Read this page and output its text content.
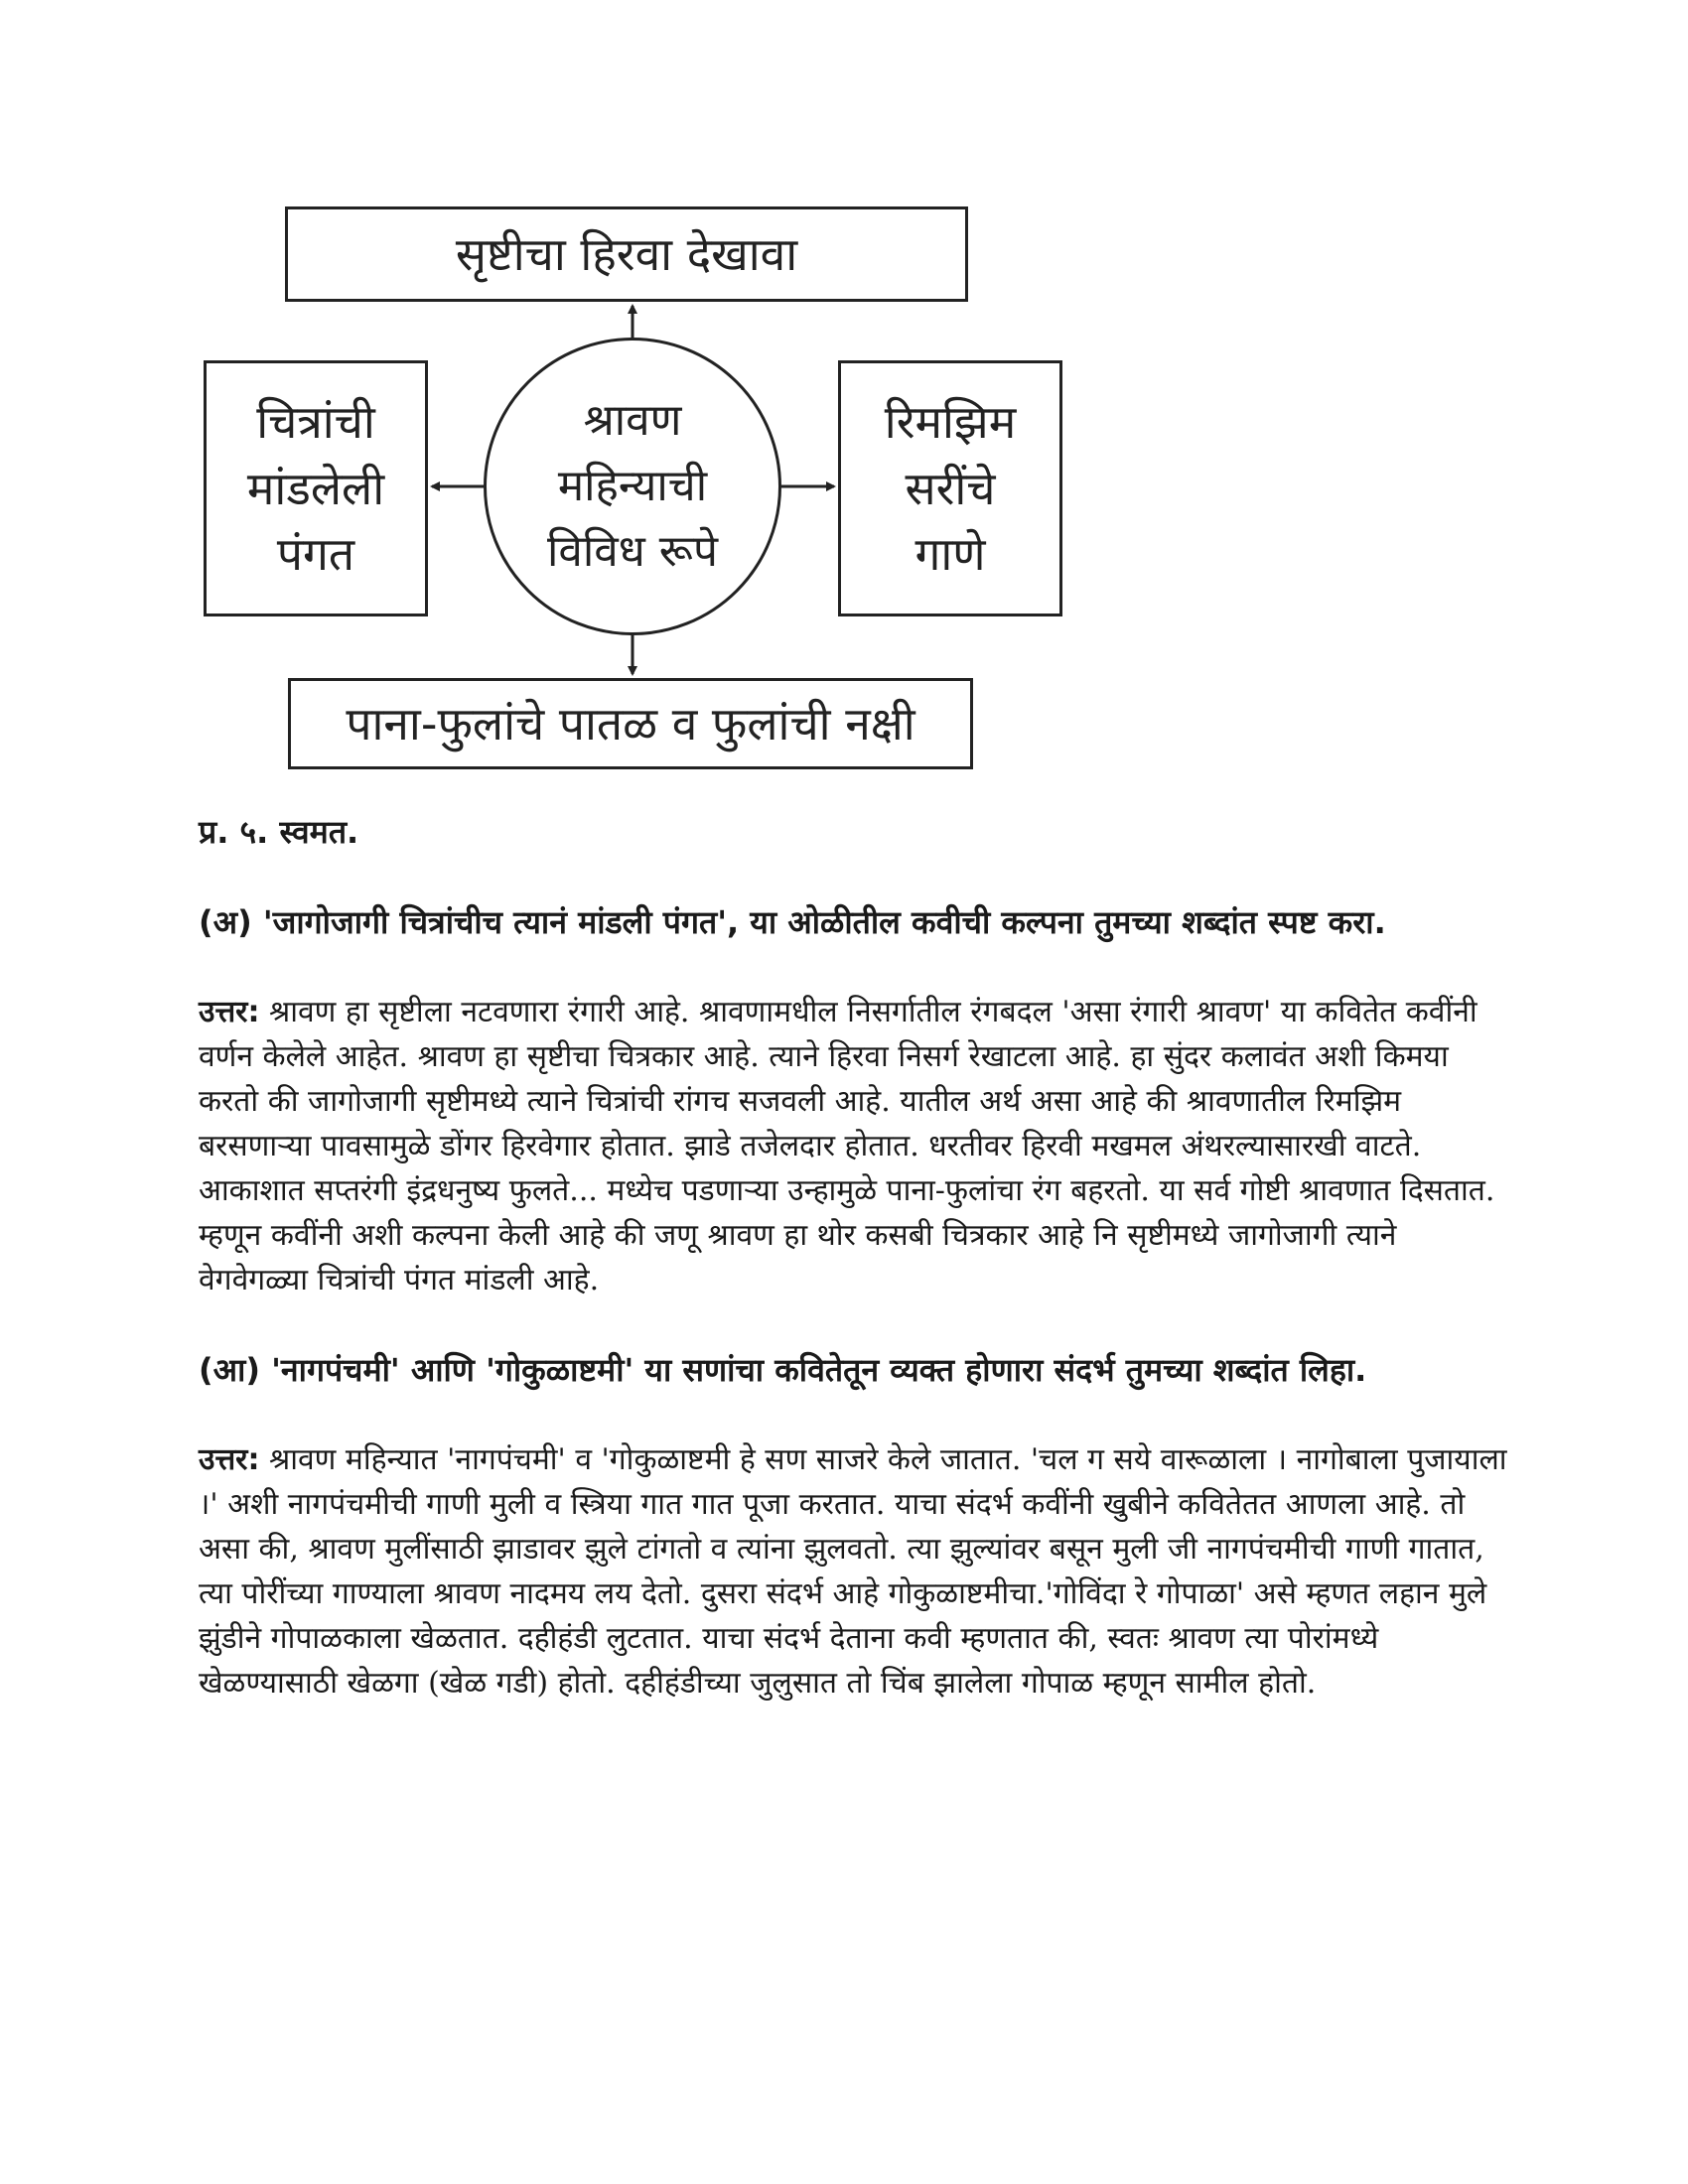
सृष्टीचा हिरवा देखावा
चित्रांची
मांडलेली
पंगत
श्रावण
महिन्याची
विविध रूपे
रिमझिम
सरींचे
गाणे
पाना-फुलांचे पातळ व फुलांची नक्षी
प्र. ५. स्वमत.
(अ) 'जागोजागी चित्रांचीच त्यानं मांडली पंगत', या ओळीतील कवीची कल्पना तुमच्या शब्दांत स्पष्ट करा.
उत्तर: श्रावण हा सृष्टीला नटवणारा रंगारी आहे. श्रावणामधील निसर्गातील रंगबदल 'असा रंगारी श्रावण' या कवितेत कवींनी वर्णन केलेले आहेत. श्रावण हा सृष्टीचा चित्रकार आहे. त्याने हिरवा निसर्ग रेखाटला आहे. हा सुंदर कलावंत अशी किमया करतो की जागोजागी सृष्टीमध्ये त्याने चित्रांची रांगच सजवली आहे. यातील अर्थ असा आहे की श्रावणातील रिमझिम बरसणाऱ्या पावसामुळे डोंगर हिरवेगार होतात. झाडे तजेलदार होतात. धरतीवर हिरवी मखमल अंथरल्यासारखी वाटते. आकाशात सप्तरंगी इंद्रधनुष्य फुलते... मध्येच पडणाऱ्या उन्हामुळे पाना-फुलांचा रंग बहरतो. या सर्व गोष्टी श्रावणात दिसतात. म्हणून कवींनी अशी कल्पना केली आहे की जणू श्रावण हा थोर कसबी चित्रकार आहे नि सृष्टीमध्ये जागोजागी त्याने वेगवेगळ्या चित्रांची पंगत मांडली आहे.
(आ) 'नागपंचमी' आणि 'गोकुळाष्टमी' या सणांचा कवितेतून व्यक्त होणारा संदर्भ तुमच्या शब्दांत लिहा.
उत्तर: श्रावण महिन्यात 'नागपंचमी' व 'गोकुळाष्टमी हे सण साजरे केले जातात. 'चल ग सये वारूळाला । नागोबाला पुजायाला ।' अशी नागपंचमीची गाणी मुली व स्त्रिया गात गात पूजा करतात. याचा संदर्भ कवींनी खुबीने कवितेतत आणला आहे. तो असा की, श्रावण मुलींसाठी झाडावर झुले टांगतो व त्यांना झुलवतो. त्या झुल्यांवर बसून मुली जी नागपंचमीची गाणी गातात, त्या पोरींच्या गाण्याला श्रावण नादमय लय देतो. दुसरा संदर्भ आहे गोकुळाष्टमीचा.'गोविंदा रे गोपाळा' असे म्हणत लहान मुले झुंडीने गोपाळकाला खेळतात. दहीहंडी लुटतात. याचा संदर्भ देताना कवी म्हणतात की, स्वतः श्रावण त्या पोरांमध्ये खेळण्यासाठी खेळगा (खेळ गडी) होतो. दहीहंडीच्या जुलुसात तो चिंब झालेला गोपाळ म्हणून सामील होतो.
